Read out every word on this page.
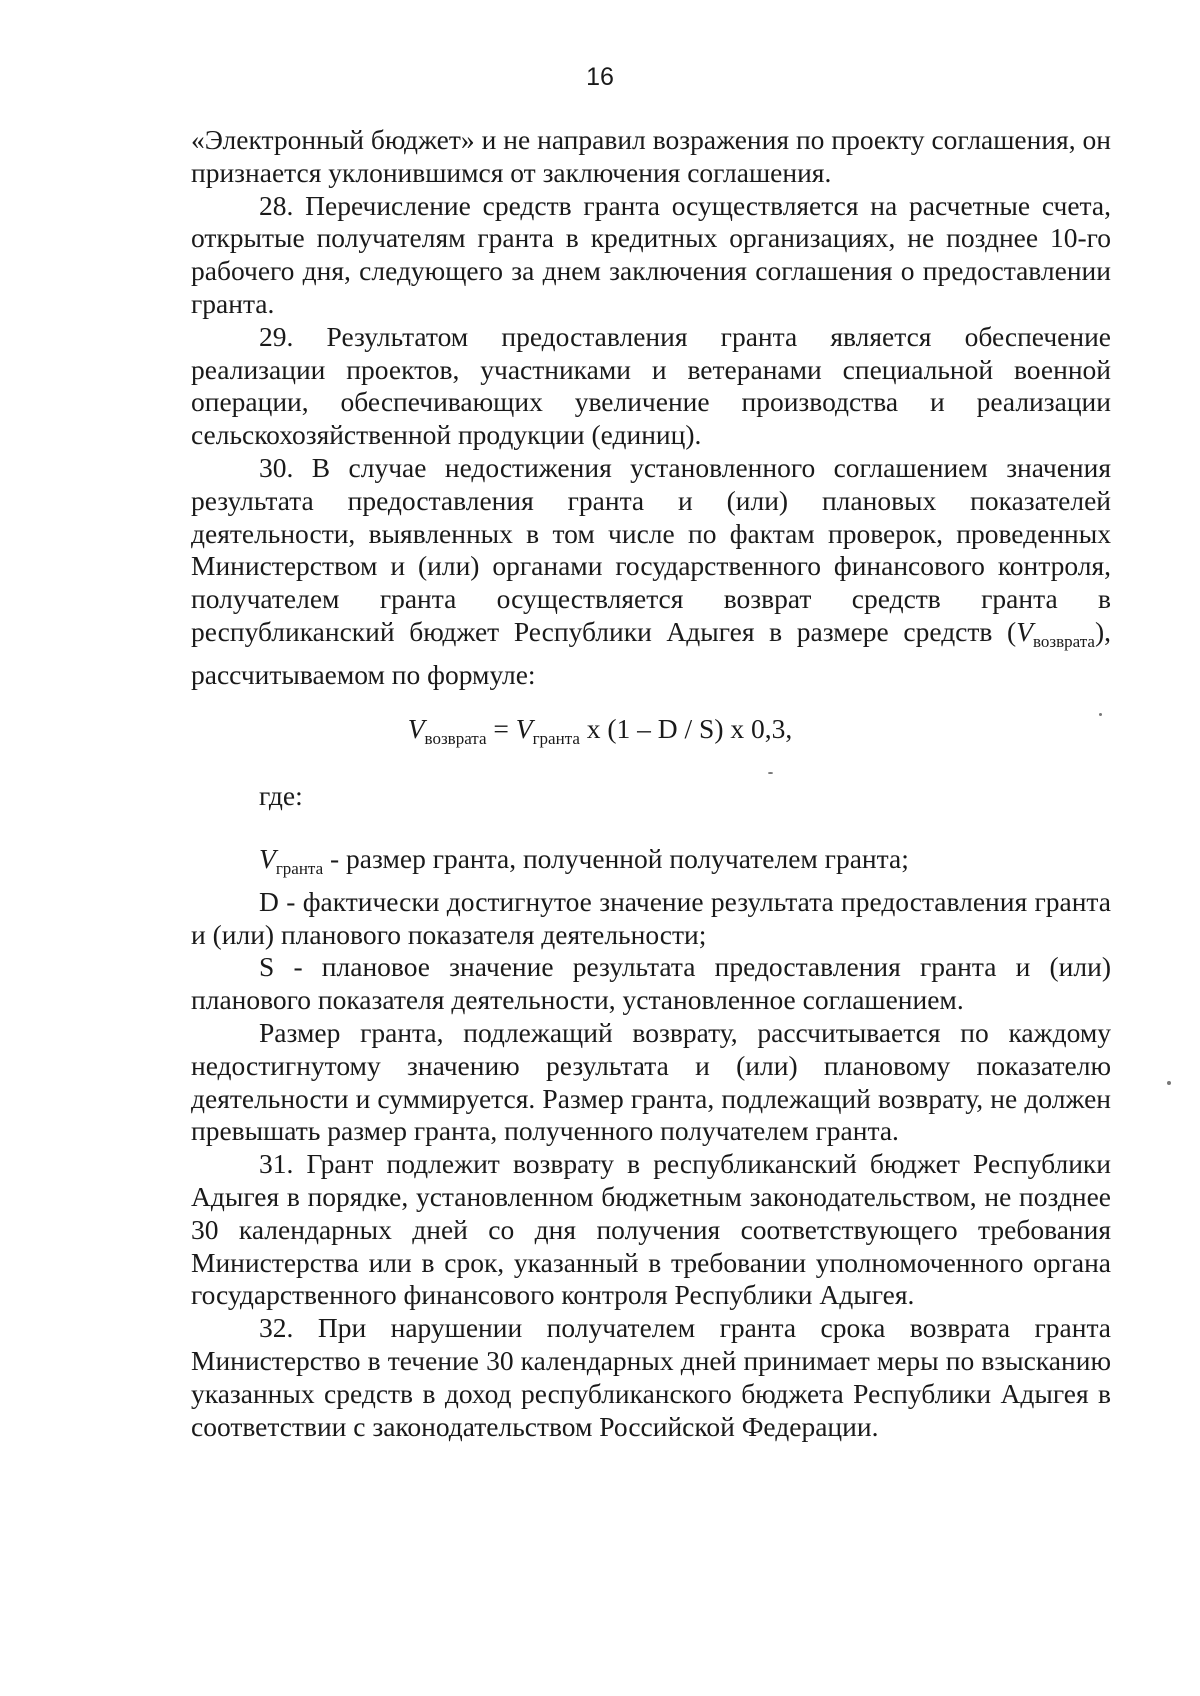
16

«Электронный бюджет» и не направил возражения по проекту соглашения, он признается уклонившимся от заключения соглашения.

28. Перечисление средств гранта осуществляется на расчетные счета, открытые получателям гранта в кредитных организациях, не позднее 10-го рабочего дня, следующего за днем заключения соглашения о предоставлении гранта.

29. Результатом предоставления гранта является обеспечение реализации проектов, участниками и ветеранами специальной военной операции, обеспечивающих увеличение производства и реализации сельскохозяйственной продукции (единиц).

30. В случае недостижения установленного соглашением значения результата предоставления гранта и (или) плановых показателей деятельности, выявленных в том числе по фактам проверок, проведенных Министерством и (или) органами государственного финансового контроля, получателем гранта осуществляется возврат средств гранта в республиканский бюджет Республики Адыгея в размере средств $(V_{возврата})$, рассчитываемом по формуле:

$V_{возврата} = V_{гранта}$ x (1 – D / S) x 0,3,
где:

$V_{гранта}$ - размер гранта, полученной получателем гранта;

D - фактически достигнутое значение результата предоставления гранта и (или) планового показателя деятельности;

S - плановое значение результата предоставления гранта и (или) планового показателя деятельности, установленное соглашением.

Размер гранта, подлежащий возврату, рассчитывается по каждому недостигнутому значению результата и (или) плановому показателю деятельности и суммируется. Размер гранта, подлежащий возврату, не должен превышать размер гранта, полученного получателем гранта.

31. Грант подлежит возврату в республиканский бюджет Республики Адыгея в порядке, установленном бюджетным законодательством, не позднее 30 календарных дней со дня получения соответствующего требования Министерства или в срок, указанный в требовании уполномоченного органа государственного финансового контроля Республики Адыгея.

32. При нарушении получателем гранта срока возврата гранта Министерство в течение 30 календарных дней принимает меры по взысканию указанных средств в доход республиканского бюджета Республики Адыгея в соответствии с законодательством Российской Федерации.
